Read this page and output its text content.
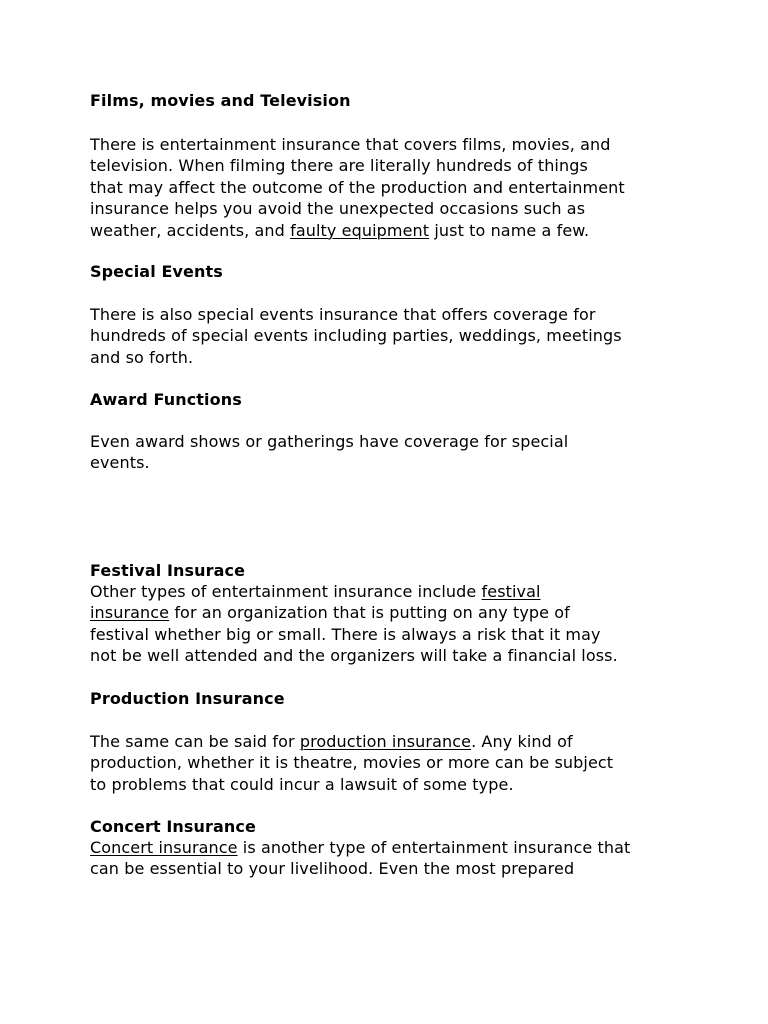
Films, movies and Television
There is entertainment insurance that covers films, movies, and
television. When filming there are literally hundreds of things
that may affect the outcome of the production and entertainment
insurance helps you avoid the unexpected occasions such as
weather, accidents, and faulty equipment just to name a few.
Special Events
There is also special events insurance that offers coverage for
hundreds of special events including parties, weddings, meetings
and so forth.
Award Functions
Even award shows or gatherings have coverage for special
events.
Festival Insurace
Other types of entertainment insurance include festival
insurance for an organization that is putting on any type of
festival whether big or small. There is always a risk that it may
not be well attended and the organizers will take a financial loss.
Production Insurance
The same can be said for production insurance. Any kind of
production, whether it is theatre, movies or more can be subject
to problems that could incur a lawsuit of some type.
Concert Insurance
Concert insurance is another type of entertainment insurance that
can be essential to your livelihood. Even the most prepared
